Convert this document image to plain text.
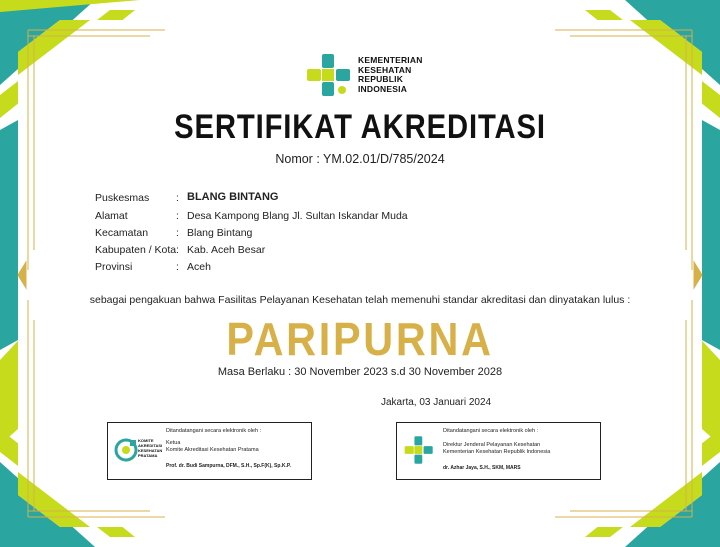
KEMENTERIAN
KESEHATAN
REPUBLIK
INDONESIA
SERTIFIKAT AKREDITASI
Nomor : YM.02.01/D/785/2024
Puskesmas	: BLANG BINTANG
Alamat	: Desa Kampong Blang Jl. Sultan Iskandar Muda
Kecamatan	: Blang Bintang
Kabupaten / Kota : Kab. Aceh Besar
Provinsi	: Aceh
sebagai pengakuan bahwa Fasilitas Pelayanan Kesehatan telah memenuhi standar akreditasi dan dinyatakan lulus :
PARIPURNA
Masa Berlaku : 30 November 2023 s.d 30 November 2028
Jakarta, 03 Januari 2024
Ditandatangani secara elektronik oleh :
KOMITE
AKREDITASI
KESEHATAN
PRATAMA
Ketua
Komite Akreditasi Kesehatan Pratama
Prof. dr. Budi Sampurna, DFM., S.H., Sp.F(K), Sp.K.P.
Ditandatangani secara elektronik oleh :
Direktur Jenderal Pelayanan Kesehatan
Kementerian Kesehatan Republik Indonesia
dr. Azhar Jaya, S.H., SKM, MARS
